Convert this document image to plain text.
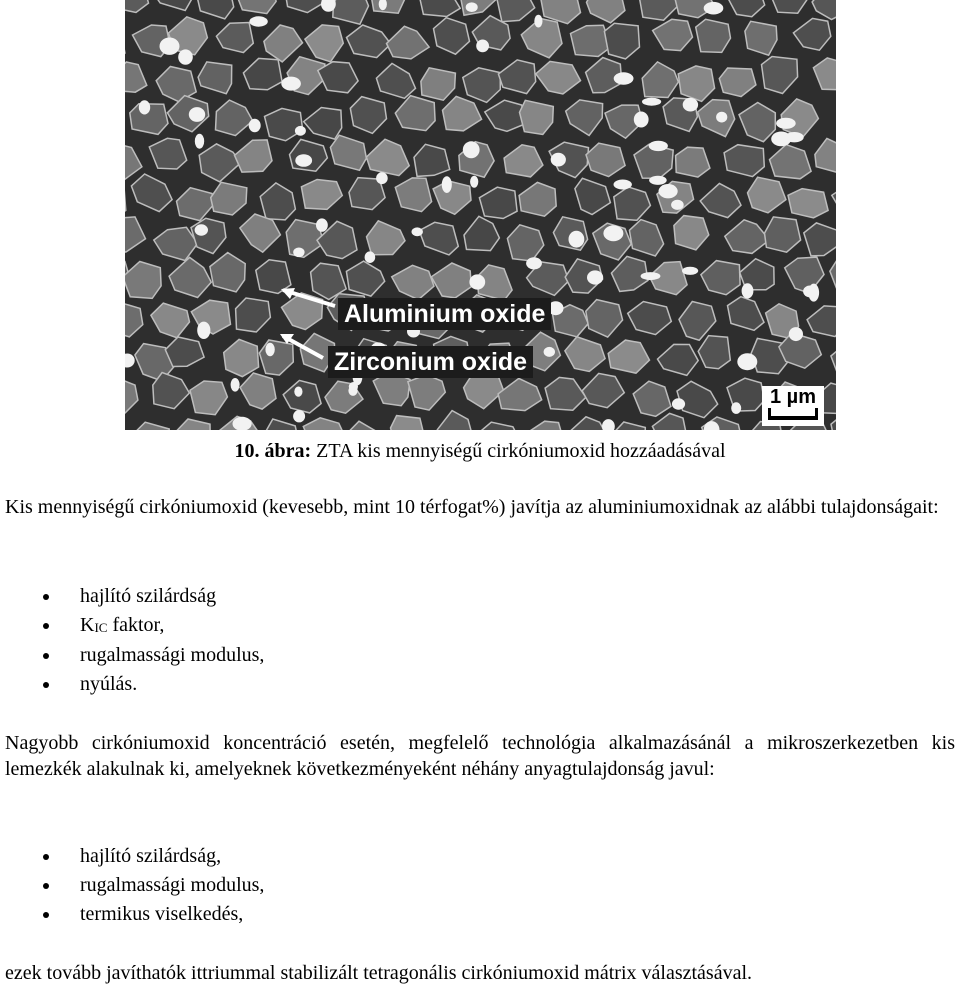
Aluminium oxide
Zirconium oxide
1 µm
10. ábra: ZTA kis mennyiségű cirkóniumoxid hozzáadásával

Kis mennyiségű cirkóniumoxid (kevesebb, mint 10 térfogat%) javítja az aluminiumoxidnak az alábbi tulajdonságait:

hajlító szilárdság
$K_{IC}$ faktor,
rugalmassági modulus,
nyúlás.

Nagyobb cirkóniumoxid koncentráció esetén, megfelelő technológia alkalmazásánál a mikroszerkezetben kis lemezkék alakulnak ki, amelyeknek következményeként néhány anyagtulajdonság javul:

hajlító szilárdság,
rugalmassági modulus,
termikus viselkedés,

ezek tovább javíthatók ittriummal stabilizált tetragonális cirkóniumoxid mátrix választásával.
